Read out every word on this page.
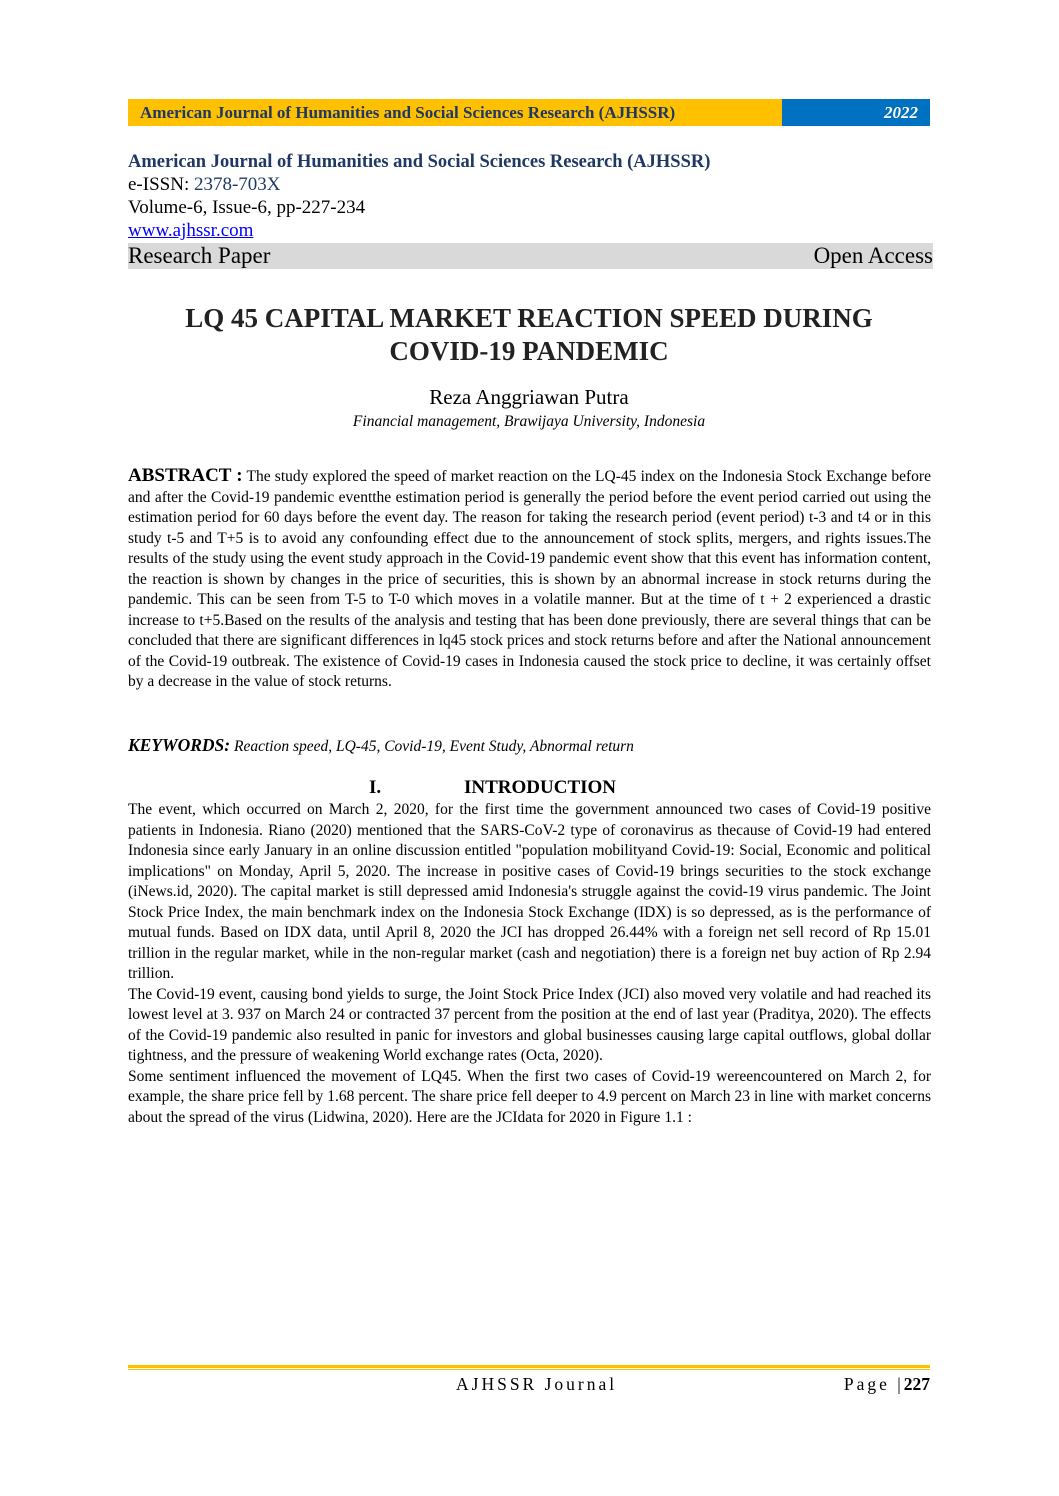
American Journal of Humanities and Social Sciences Research (AJHSSR)	2022
American Journal of Humanities and Social Sciences Research (AJHSSR)
e-ISSN: 2378-703X
Volume-6, Issue-6, pp-227-234
www.ajhssr.com
Research Paper	Open Access
LQ 45 CAPITAL MARKET REACTION SPEED DURING
COVID-19 PANDEMIC
Reza Anggriawan Putra
Financial management, Brawijaya University, Indonesia
ABSTRACT : The study explored the speed of market reaction on the LQ-45 index on the Indonesia Stock Exchange before and after the Covid-19 pandemic eventthe estimation period is generally the period before the event period carried out using the estimation period for 60 days before the event day. The reason for taking the research period (event period) t-3 and t4 or in this study t-5 and T+5 is to avoid any confounding effect due to the announcement of stock splits, mergers, and rights issues.The results of the study using the event study approach in the Covid-19 pandemic event show that this event has information content, the reaction is shown by changes in the price of securities, this is shown by an abnormal increase in stock returns during the pandemic. This can be seen from T-5 to T-0 which moves in a volatile manner. But at the time of t + 2 experienced a drastic increase to t+5.Based on the results of the analysis and testing that has been done previously, there are several things that can be concluded that there are significant differences in lq45 stock prices and stock returns before and after the National announcement of the Covid-19 outbreak. The existence of Covid-19 cases in Indonesia caused the stock price to decline, it was certainly offset by a decrease in the value of stock returns.
KEYWORDS: Reaction speed, LQ-45, Covid-19, Event Study, Abnormal return
I.	INTRODUCTION

The event, which occurred on March 2, 2020, for the first time the government announced two cases of Covid-19 positive patients in Indonesia. Riano (2020) mentioned that the SARS-CoV-2 type of coronavirus as thecause of Covid-19 had entered Indonesia since early January in an online discussion entitled "population mobilityand Covid-19: Social, Economic and political implications" on Monday, April 5, 2020. The increase in positive cases of Covid-19 brings securities to the stock exchange (iNews.id, 2020). The capital market is still depressed amid Indonesia's struggle against the covid-19 virus pandemic. The Joint Stock Price Index, the main benchmark index on the Indonesia Stock Exchange (IDX) is so depressed, as is the performance of mutual funds. Based on IDX data, until April 8, 2020 the JCI has dropped 26.44% with a foreign net sell record of Rp 15.01 trillion in the regular market, while in the non-regular market (cash and negotiation) there is a foreign net buy action of Rp 2.94 trillion.

The Covid-19 event, causing bond yields to surge, the Joint Stock Price Index (JCI) also moved very volatile and had reached its lowest level at 3. 937 on March 24 or contracted 37 percent from the position at the end of last year (Praditya, 2020). The effects of the Covid-19 pandemic also resulted in panic for investors and global businesses causing large capital outflows, global dollar tightness, and the pressure of weakening World exchange rates (Octa, 2020).

Some sentiment influenced the movement of LQ45. When the first two cases of Covid-19 wereencountered on March 2, for example, the share price fell by 1.68 percent. The share price fell deeper to 4.9 percent on March 23 in line with market concerns about the spread of the virus (Lidwina, 2020). Here are the JCIdata for 2020 in Figure 1.1 :

AJHSSR Journal	Page |227
